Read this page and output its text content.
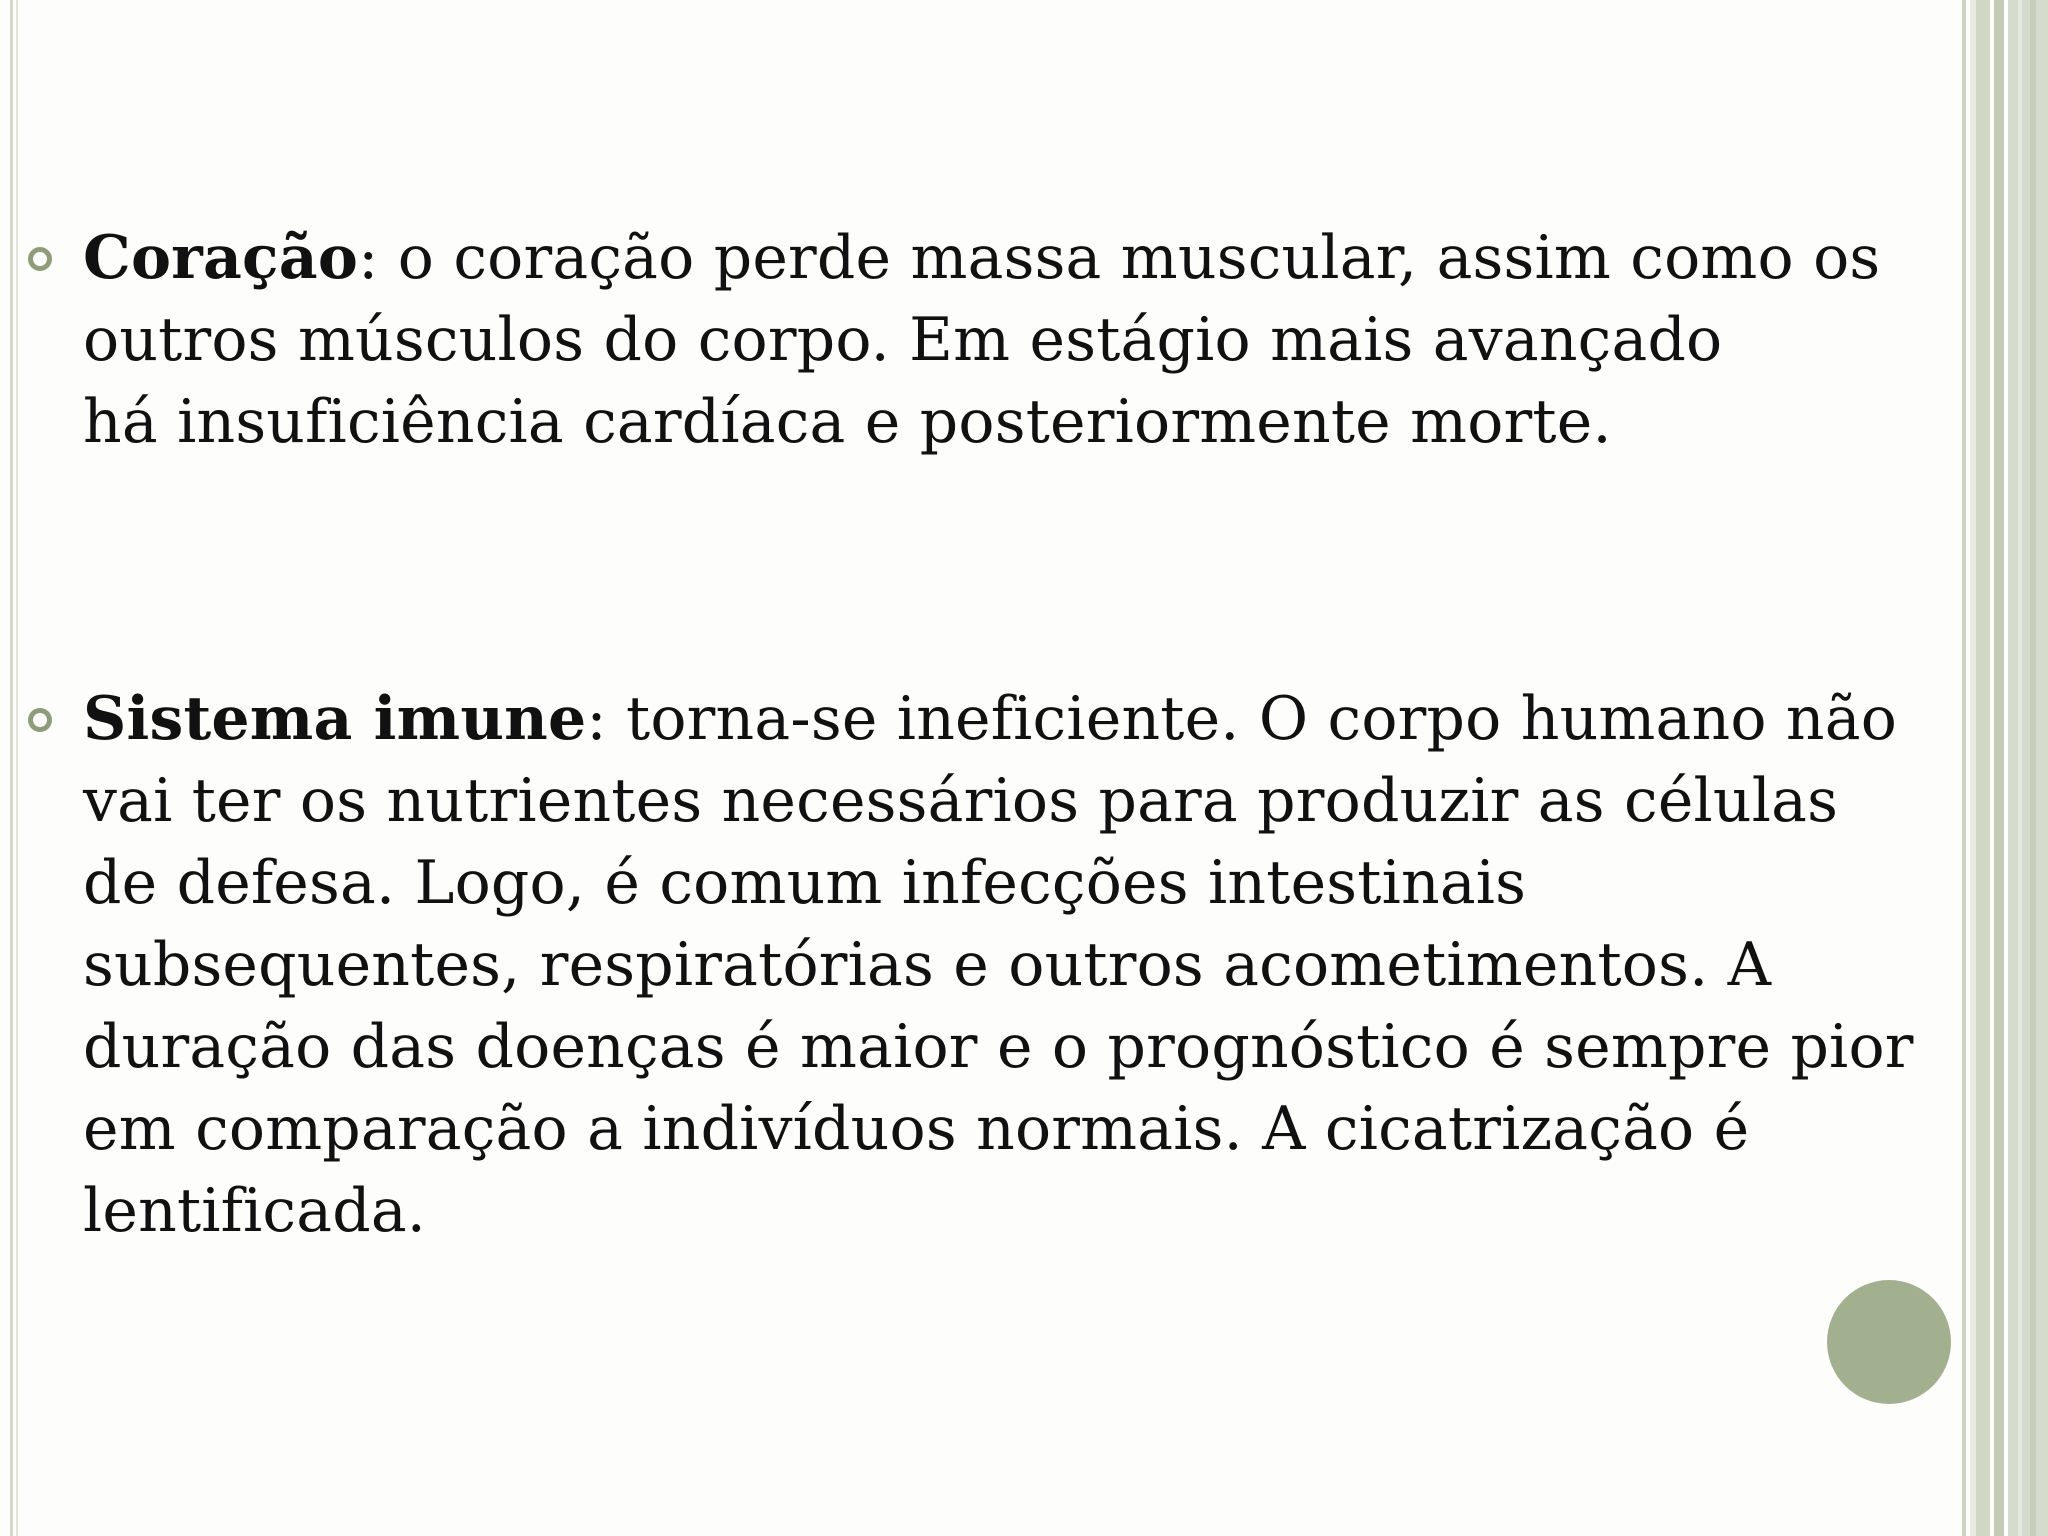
Coração: o coração perde massa muscular, assim como os
outros músculos do corpo. Em estágio mais avançado
há insuficiência cardíaca e posteriormente morte.
Sistema imune: torna-se ineficiente. O corpo humano não
vai ter os nutrientes necessários para produzir as células
de defesa. Logo, é comum infecções intestinais
subsequentes, respiratórias e outros acometimentos. A
duração das doenças é maior e o prognóstico é sempre pior
em comparação a indivíduos normais. A cicatrização é
lentificada.
